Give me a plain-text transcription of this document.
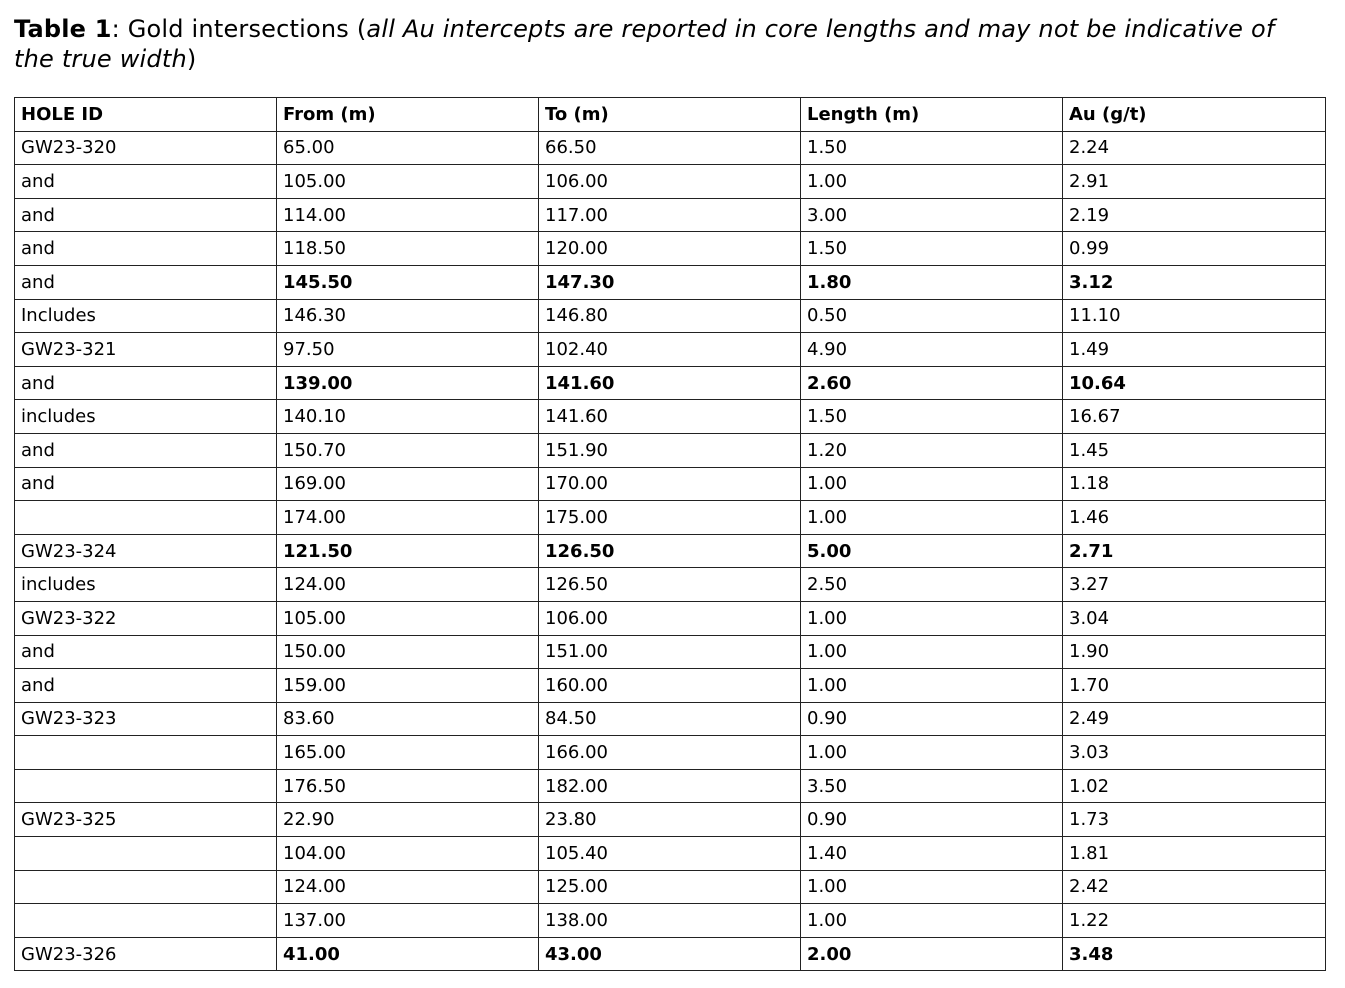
Table 1: Gold intersections (all Au intercepts are reported in core lengths and may not be indicative of the true width)

HOLE ID	From (m)	To (m)	Length (m)	Au (g/t)
GW23-320	65.00	66.50	1.50	2.24
and	105.00	106.00	1.00	2.91
and	114.00	117.00	3.00	2.19
and	118.50	120.00	1.50	0.99
and	145.50	147.30	1.80	3.12
Includes	146.30	146.80	0.50	11.10
GW23-321	97.50	102.40	4.90	1.49
and	139.00	141.60	2.60	10.64
includes	140.10	141.60	1.50	16.67
and	150.70	151.90	1.20	1.45
and	169.00	170.00	1.00	1.18
	174.00	175.00	1.00	1.46
GW23-324	121.50	126.50	5.00	2.71
includes	124.00	126.50	2.50	3.27
GW23-322	105.00	106.00	1.00	3.04
and	150.00	151.00	1.00	1.90
and	159.00	160.00	1.00	1.70
GW23-323	83.60	84.50	0.90	2.49
	165.00	166.00	1.00	3.03
	176.50	182.00	3.50	1.02
GW23-325	22.90	23.80	0.90	1.73
	104.00	105.40	1.40	1.81
	124.00	125.00	1.00	2.42
	137.00	138.00	1.00	1.22
GW23-326	41.00	43.00	2.00	3.48
